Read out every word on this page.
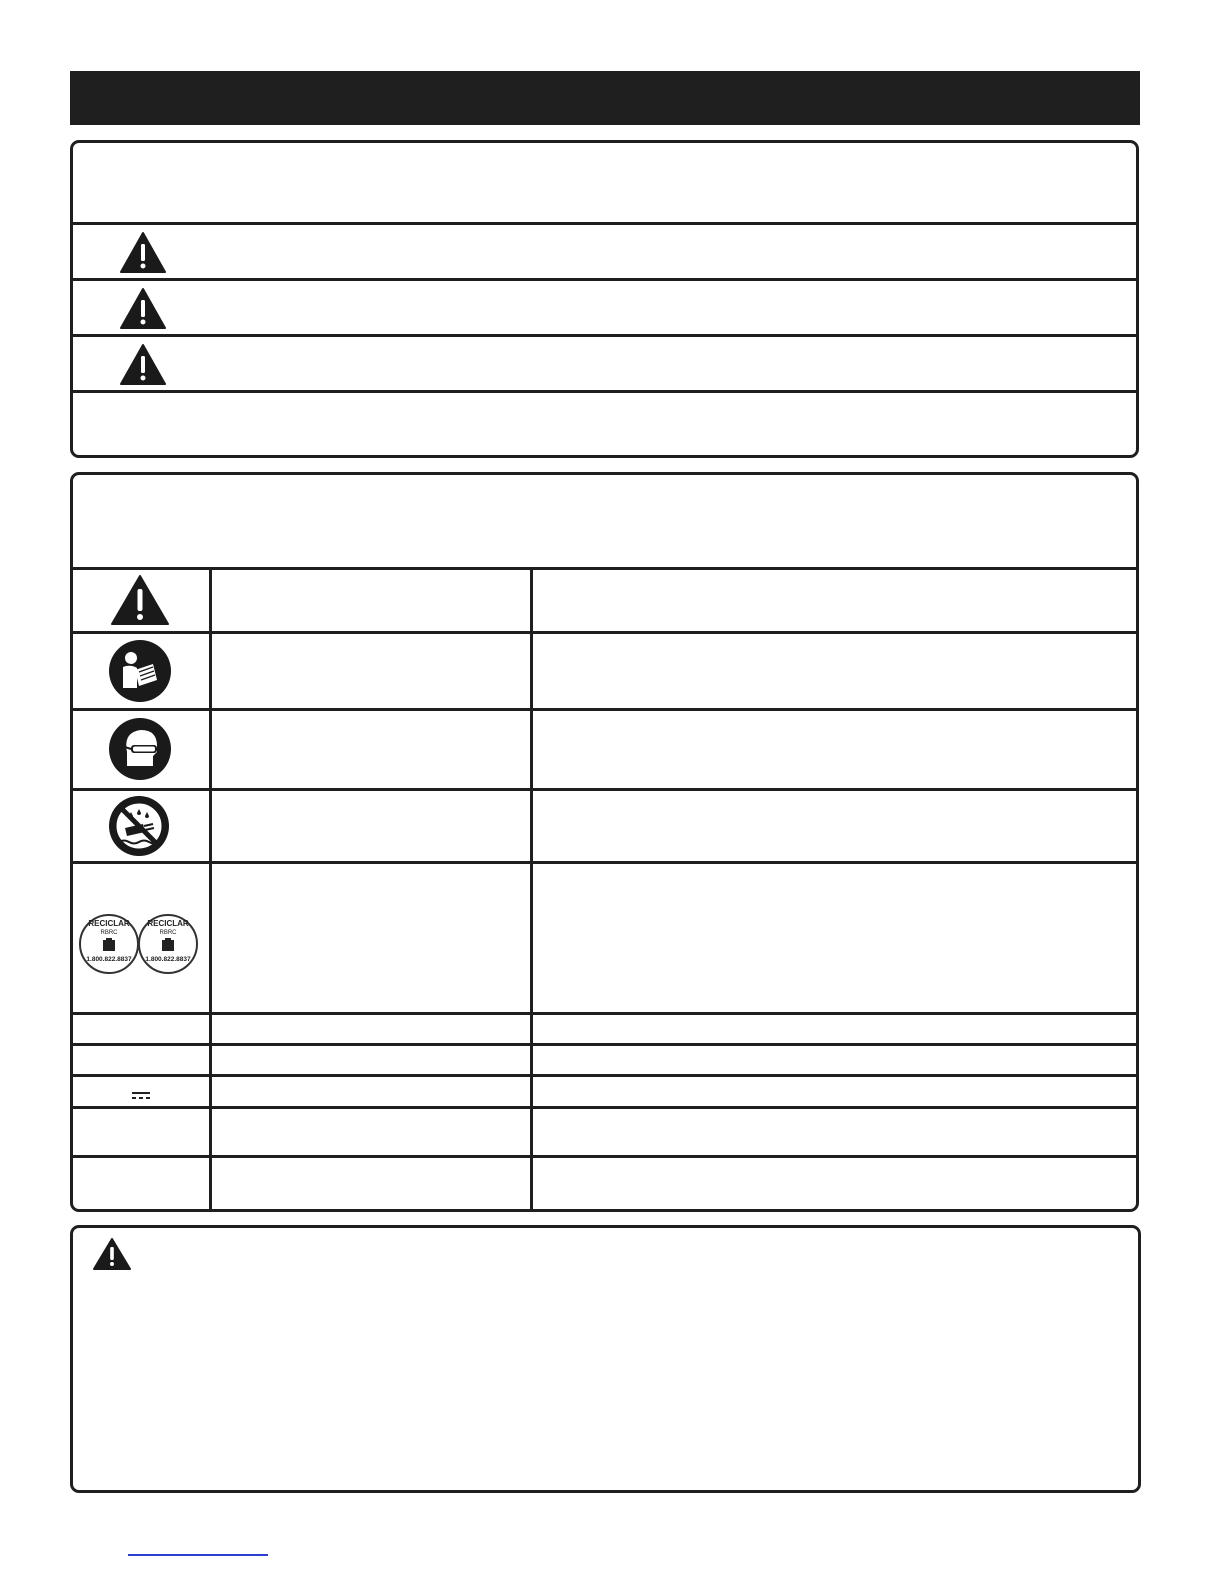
RECICLAR
RBRC
1.800.822.8837
RECICLAR
RBRC
1.800.822.8837
